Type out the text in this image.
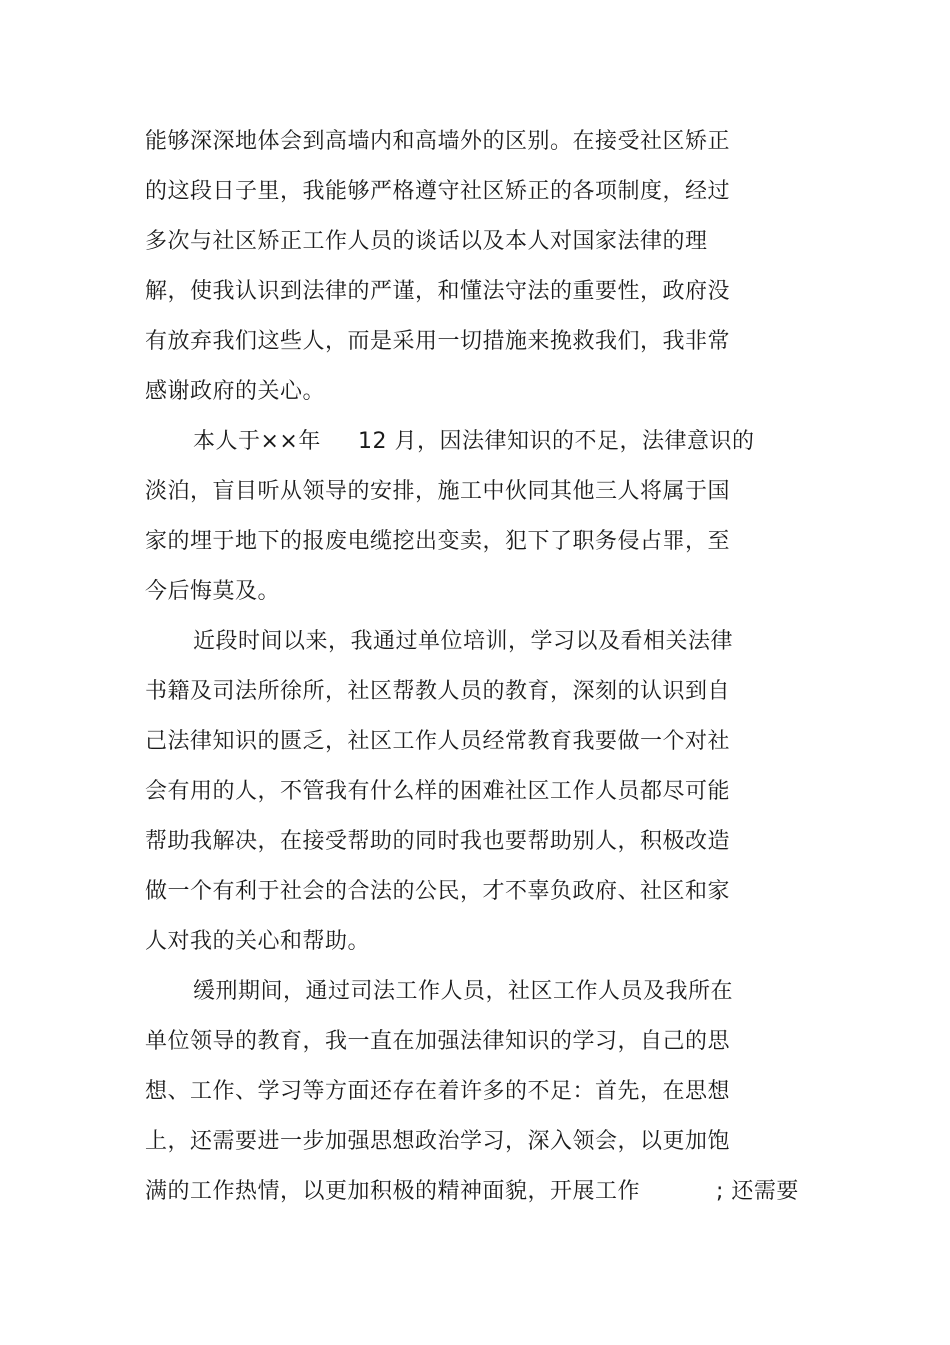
能够深深地体会到高墙内和高墙外的区别。在接受社区矫正
的这段日子里，我能够严格遵守社区矫正的各项制度，经过
多次与社区矫正工作人员的谈话以及本人对国家法律的理
解，使我认识到法律的严谨，和懂法守法的重要性，政府没
有放弃我们这些人，而是采用一切措施来挽救我们，我非常
感谢政府的关心。
本人于××年 12 月，因法律知识的不足，法律意识的
淡泊，盲目听从领导的安排，施工中伙同其他三人将属于国
家的埋于地下的报废电缆挖出变卖，犯下了职务侵占罪，至
今后悔莫及。
近段时间以来，我通过单位培训，学习以及看相关法律
书籍及司法所徐所，社区帮教人员的教育，深刻的认识到自
己法律知识的匮乏，社区工作人员经常教育我要做一个对社
会有用的人，不管我有什么样的困难社区工作人员都尽可能
帮助我解决，在接受帮助的同时我也要帮助别人，积极改造
做一个有利于社会的合法的公民，才不辜负政府、社区和家
人对我的关心和帮助。
缓刑期间，通过司法工作人员，社区工作人员及我所在
单位领导的教育，我一直在加强法律知识的学习，自己的思
想、工作、学习等方面还存在着许多的不足：首先，在思想
上，还需要进一步加强思想政治学习，深入领会，以更加饱
满的工作热情，以更加积极的精神面貌，开展工作	; 还需要
